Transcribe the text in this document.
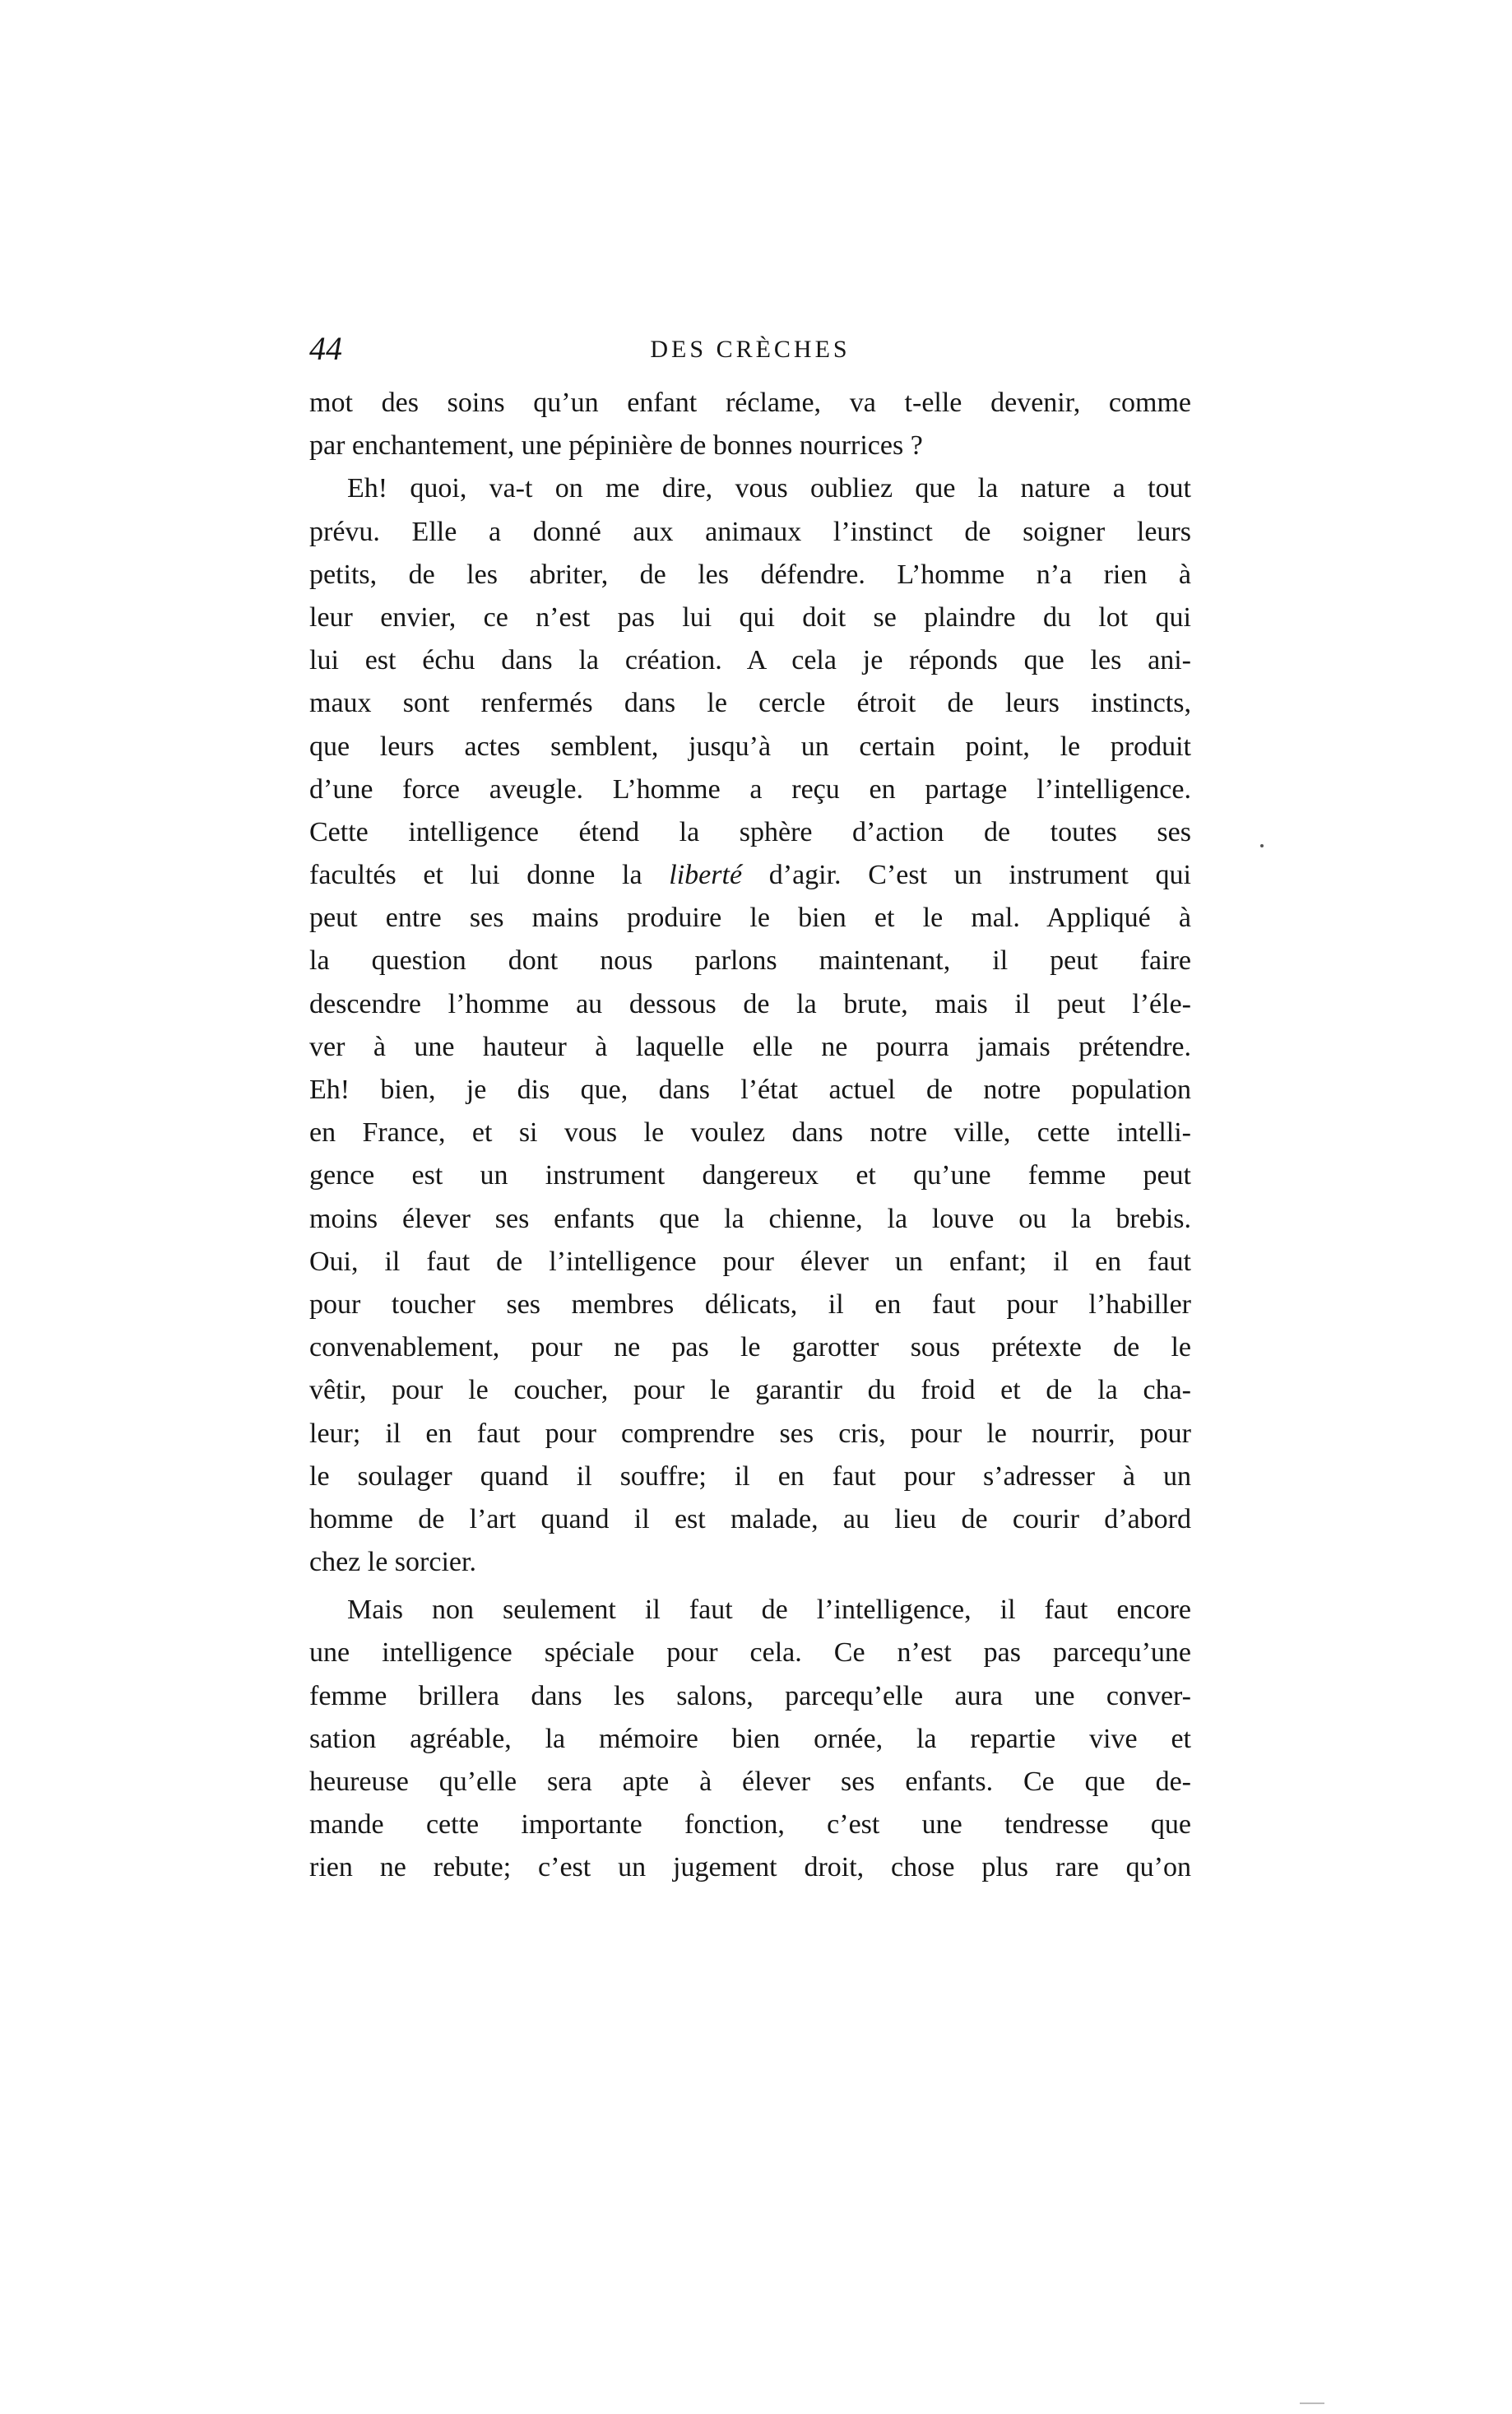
44	DES CRÈCHES
mot des soins qu’un enfant réclame, va t-elle devenir, comme
par enchantement, une pépinière de bonnes nourrices ?
Eh! quoi, va-t on me dire, vous oubliez que la nature a tout
prévu. Elle a donné aux animaux l’instinct de soigner leurs
petits, de les abriter, de les défendre. L’homme n’a rien à
leur envier, ce n’est pas lui qui doit se plaindre du lot qui
lui est échu dans la création. A cela je réponds que les ani-
maux sont renfermés dans le cercle étroit de leurs instincts,
que leurs actes semblent, jusqu’à un certain point, le produit
d’une force aveugle. L’homme a reçu en partage l’intelligence.
Cette intelligence étend la sphère d’action de toutes ses
facultés et lui donne la liberté d’agir. C’est un instrument qui
peut entre ses mains produire le bien et le mal. Appliqué à
la question dont nous parlons maintenant, il peut faire
descendre l’homme au dessous de la brute, mais il peut l’éle-
ver à une hauteur à laquelle elle ne pourra jamais prétendre.
Eh! bien, je dis que, dans l’état actuel de notre population
en France, et si vous le voulez dans notre ville, cette intelli-
gence est un instrument dangereux et qu’une femme peut
moins élever ses enfants que la chienne, la louve ou la brebis.
Oui, il faut de l’intelligence pour élever un enfant; il en faut
pour toucher ses membres délicats, il en faut pour l’habiller
convenablement, pour ne pas le garotter sous prétexte de le
vêtir, pour le coucher, pour le garantir du froid et de la cha-
leur; il en faut pour comprendre ses cris, pour le nourrir, pour
le soulager quand il souffre; il en faut pour s’adresser à un
homme de l’art quand il est malade, au lieu de courir d’abord
chez le sorcier.
Mais non seulement il faut de l’intelligence, il faut encore
une intelligence spéciale pour cela. Ce n’est pas parcequ’une
femme brillera dans les salons, parcequ’elle aura une conver-
sation agréable, la mémoire bien ornée, la repartie vive et
heureuse qu’elle sera apte à élever ses enfants. Ce que de-
mande cette importante fonction, c’est une tendresse que
rien ne rebute; c’est un jugement droit, chose plus rare qu’on
